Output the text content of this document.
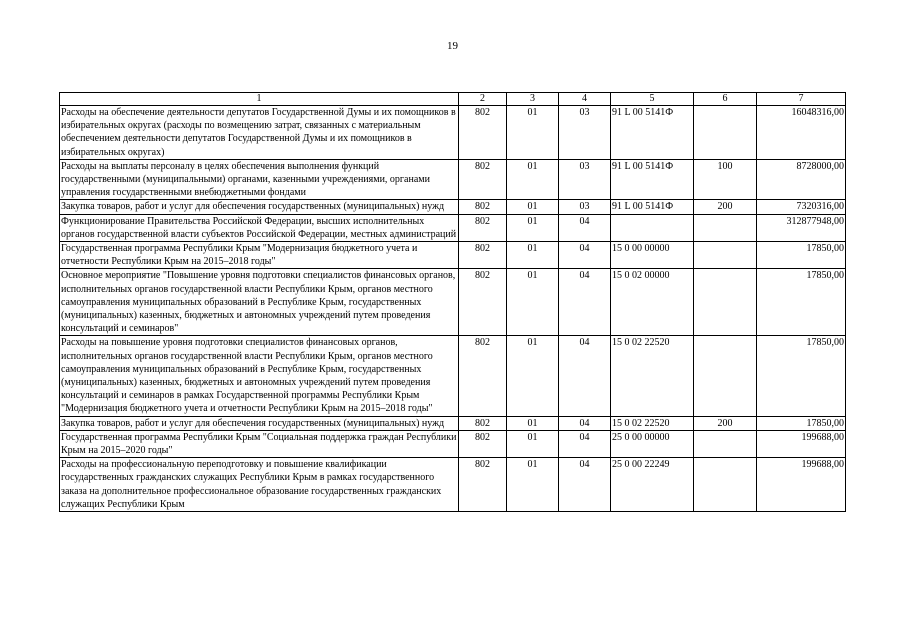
19
1	2	3	4	5	6	7
Расходы на обеспечение деятельности депутатов Государственной Думы и их помощников в избирательных округах (расходы по возмещению затрат, связанных с материальным обеспечением деятельности депутатов Государственной Думы и их помощников в избирательных округах)	802	01	03	91 L 00 5141Ф		16048316,00
Расходы на выплаты персоналу в целях обеспечения выполнения функций государственными (муниципальными) органами, казенными учреждениями, органами управления государственными внебюджетными фондами	802	01	03	91 L 00 5141Ф	100	8728000,00
Закупка товаров, работ и услуг для обеспечения государственных (муниципальных) нужд	802	01	03	91 L 00 5141Ф	200	7320316,00
Функционирование Правительства Российской Федерации, высших исполнительных органов государственной власти субъектов Российской Федерации, местных администраций	802	01	04			312877948,00
Государственная программа Республики Крым "Модернизация бюджетного учета и отчетности Республики Крым на 2015–2018 годы"	802	01	04	15 0 00 00000		17850,00
Основное мероприятие "Повышение уровня подготовки специалистов финансовых органов, исполнительных органов государственной власти Республики Крым, органов местного самоуправления муниципальных образований в Республике Крым, государственных (муниципальных) казенных, бюджетных и автономных учреждений путем проведения консультаций и семинаров"	802	01	04	15 0 02 00000		17850,00
Расходы на повышение уровня подготовки специалистов финансовых органов, исполнительных органов государственной власти Республики Крым, органов местного самоуправления муниципальных образований в Республике Крым, государственных (муниципальных) казенных, бюджетных и автономных учреждений путем проведения консультаций и семинаров в рамках Государственной программы Республики Крым "Модернизация бюджетного учета и отчетности Республики Крым на 2015–2018 годы"	802	01	04	15 0 02 22520		17850,00
Закупка товаров, работ и услуг для обеспечения государственных (муниципальных) нужд	802	01	04	15 0 02 22520	200	17850,00
Государственная программа Республики Крым "Социальная поддержка граждан Республики Крым на 2015–2020 годы"	802	01	04	25 0 00 00000		199688,00
Расходы на профессиональную переподготовку и повышение квалификации государственных гражданских служащих Республики Крым в рамках государственного заказа на дополнительное профессиональное образование государственных гражданских служащих Республики Крым	802	01	04	25 0 00 22249		199688,00
